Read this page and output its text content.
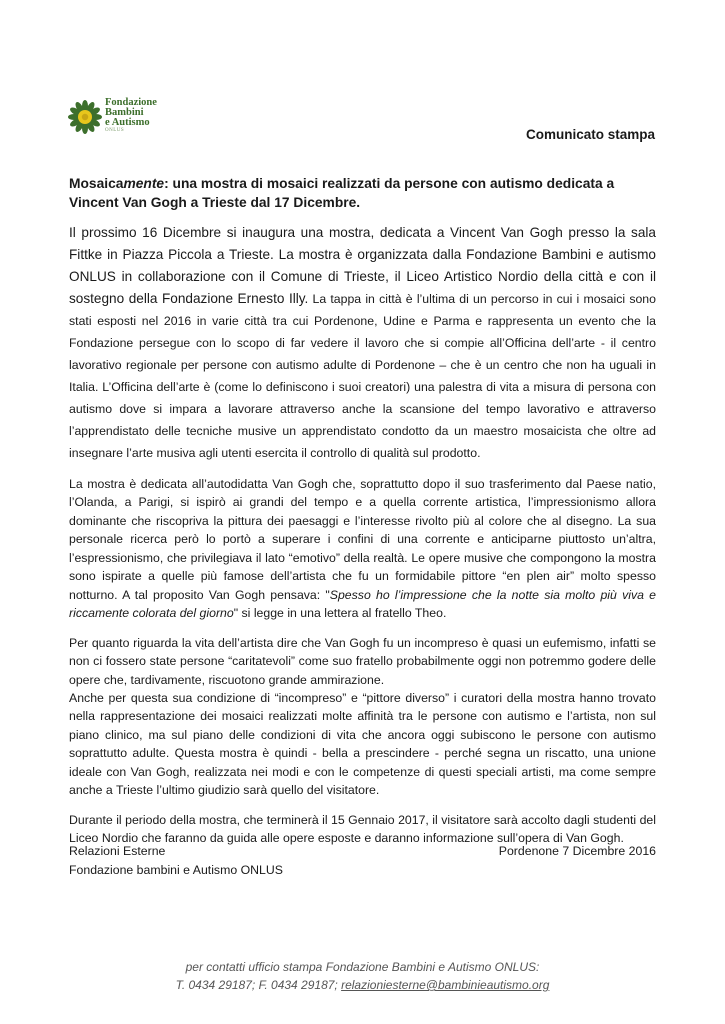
Fondazione
Bambini
e Autismo
ONLUS	Comunicato stampa
Mosaicamente: una mostra di mosaici realizzati da persone con autismo dedicata a Vincent Van Gogh a Trieste dal 17 Dicembre.

Il prossimo 16 Dicembre si inaugura una mostra, dedicata a Vincent Van Gogh presso la sala Fittke in Piazza Piccola a Trieste. La mostra è organizzata dalla Fondazione Bambini e autismo ONLUS in collaborazione con il Comune di Trieste, il Liceo Artistico Nordio della città e con il sostegno della Fondazione Ernesto Illy. La tappa in città è l’ultima di un percorso in cui i mosaici sono stati esposti nel 2016 in varie città tra cui Pordenone, Udine e Parma e rappresenta un evento che la Fondazione persegue con lo scopo di far vedere il lavoro che si compie all’Officina dell’arte - il centro lavorativo regionale per persone con autismo adulte di Pordenone – che è un centro che non ha uguali in Italia. L’Officina dell’arte è (come lo definiscono i suoi creatori) una palestra di vita a misura di persona con autismo dove si impara a lavorare attraverso anche la scansione del tempo lavorativo e attraverso l’apprendistato delle tecniche musive un apprendistato condotto da un maestro mosaicista che oltre ad insegnare l’arte musiva agli utenti esercita il controllo di qualità sul prodotto.

La mostra è dedicata all’autodidatta Van Gogh che, soprattutto dopo il suo trasferimento dal Paese natio, l’Olanda, a Parigi, si ispirò ai grandi del tempo e a quella corrente artistica, l’impressionismo allora dominante che riscopriva la pittura dei paesaggi e l’interesse rivolto più al colore che al disegno. La sua personale ricerca però lo portò a superare i confini di una corrente e anticiparne piuttosto un’altra, l’espressionismo, che privilegiava il lato “emotivo” della realtà. Le opere musive che compongono la mostra sono ispirate a quelle più famose dell’artista che fu un formidabile pittore “en plen air” molto spesso notturno. A tal proposito Van Gogh pensava: "Spesso ho l’impressione che la notte sia molto più viva e riccamente colorata del giorno" si legge in una lettera al fratello Theo.

Per quanto riguarda la vita dell’artista dire che Van Gogh fu un incompreso è quasi un eufemismo, infatti se non ci fossero state persone “caritatevoli” come suo fratello probabilmente oggi non potremmo godere delle opere che, tardivamente, riscuotono grande ammirazione.

Anche per questa sua condizione di “incompreso” e “pittore diverso” i curatori della mostra hanno trovato nella rappresentazione dei mosaici realizzati molte affinità tra le persone con autismo e l’artista, non sul piano clinico, ma sul piano delle condizioni di vita che ancora oggi subiscono le persone con autismo soprattutto adulte. Questa mostra è quindi - bella a prescindere - perché segna un riscatto, una unione ideale con Van Gogh, realizzata nei modi e con le competenze di questi speciali artisti, ma come sempre anche a Trieste l’ultimo giudizio sarà quello del visitatore.

Durante il periodo della mostra, che terminerà il 15 Gennaio 2017, il visitatore sarà accolto dagli studenti del Liceo Nordio che faranno da guida alle opere esposte e daranno informazione sull’opera di Van Gogh.

Relazioni Esterne
Fondazione bambini e Autismo ONLUS
Pordenone 7 Dicembre 2016
per contatti ufficio stampa Fondazione Bambini e Autismo ONLUS:
T. 0434 29187; F. 0434 29187; relazioniesterne@bambinieautismo.org
